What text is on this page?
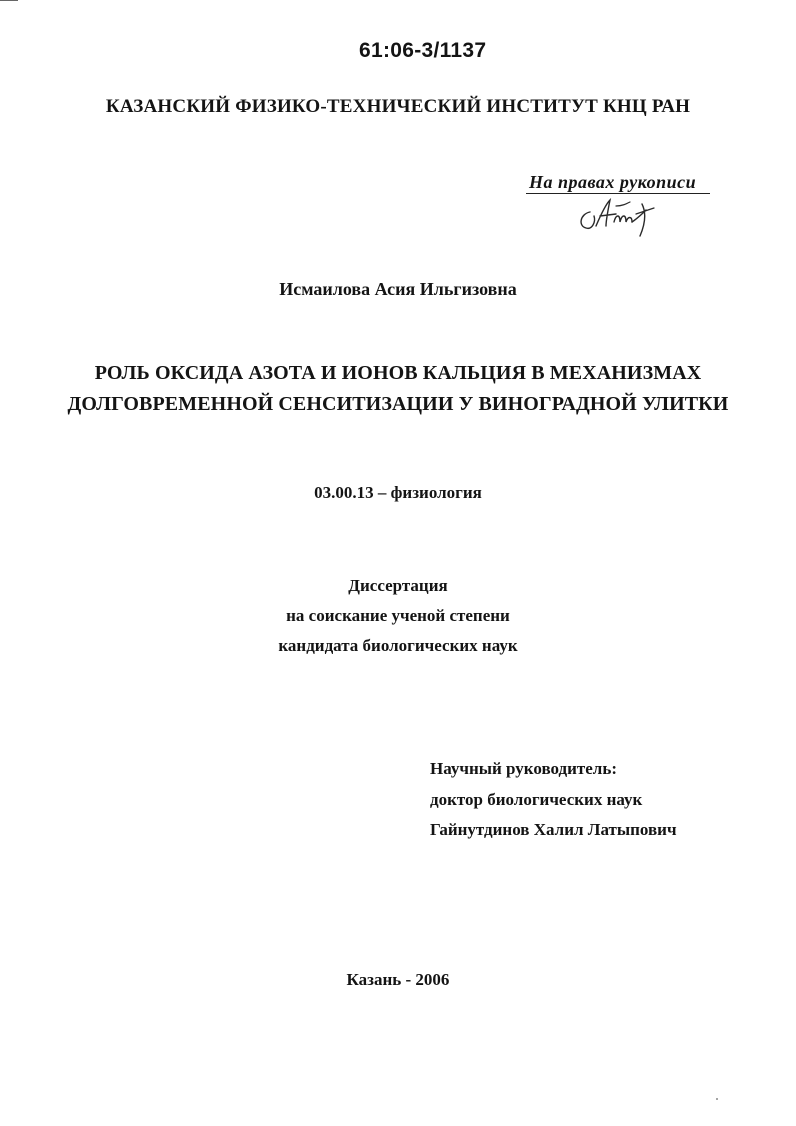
61:06-3/1137
КАЗАНСКИЙ ФИЗИКО-ТЕХНИЧЕСКИЙ ИНСТИТУТ КНЦ РАН
На правах рукописи
Исмаилова Асия Ильгизовна
РОЛЬ ОКСИДА АЗОТА И ИОНОВ КАЛЬЦИЯ В МЕХАНИЗМАХ
ДОЛГОВРЕМЕННОЙ СЕНСИТИЗАЦИИ У ВИНОГРАДНОЙ УЛИТКИ
03.00.13 – физиология
Диссертация
на соискание ученой степени
кандидата биологических наук
Научный руководитель:
доктор биологических наук
Гайнутдинов Халил Латыпович
Казань - 2006
